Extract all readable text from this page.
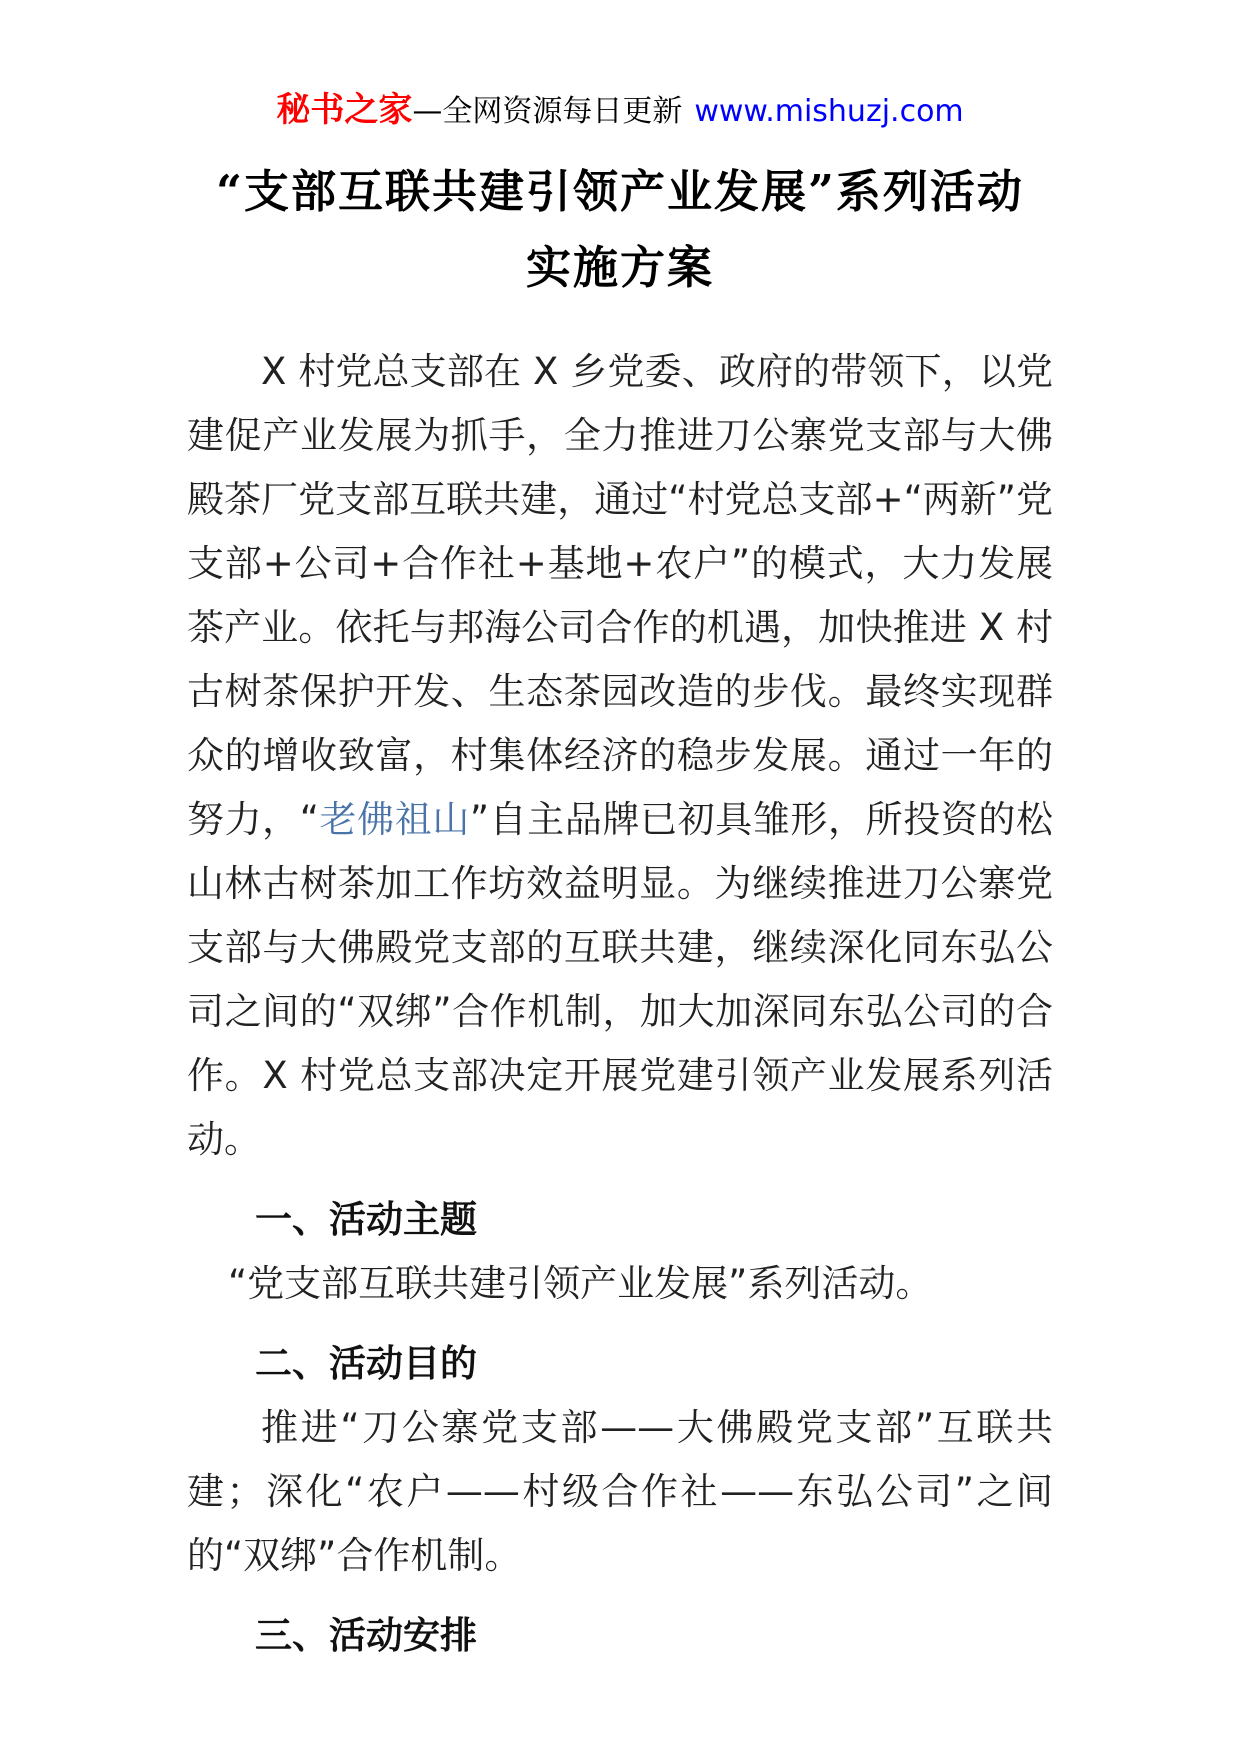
秘书之家—全网资源每日更新 www.mishuzj.com
“支部互联共建引领产业发展”系列活动
实施方案

X 村党总支部在 X 乡党委、政府的带领下，以党建促产业发展为抓手，全力推进刀公寨党支部与大佛殿茶厂党支部互联共建，通过“村党总支部+“两新”党支部+公司+合作社+基地+农户”的模式，大力发展茶产业。依托与邦海公司合作的机遇，加快推进 X 村古树茶保护开发、生态茶园改造的步伐。最终实现群众的增收致富，村集体经济的稳步发展。通过一年的努力，“老佛祖山”自主品牌已初具雏形，所投资的松山林古树茶加工作坊效益明显。为继续推进刀公寨党支部与大佛殿党支部的互联共建，继续深化同东弘公司之间的“双绑”合作机制，加大加深同东弘公司的合作。X 村党总支部决定开展党建引领产业发展系列活动。

一、活动主题

“党支部互联共建引领产业发展”系列活动。

二、活动目的

推进“刀公寨党支部——大佛殿党支部”互联共建；深化“农户——村级合作社——东弘公司”之间的“双绑”合作机制。

三、活动安排
